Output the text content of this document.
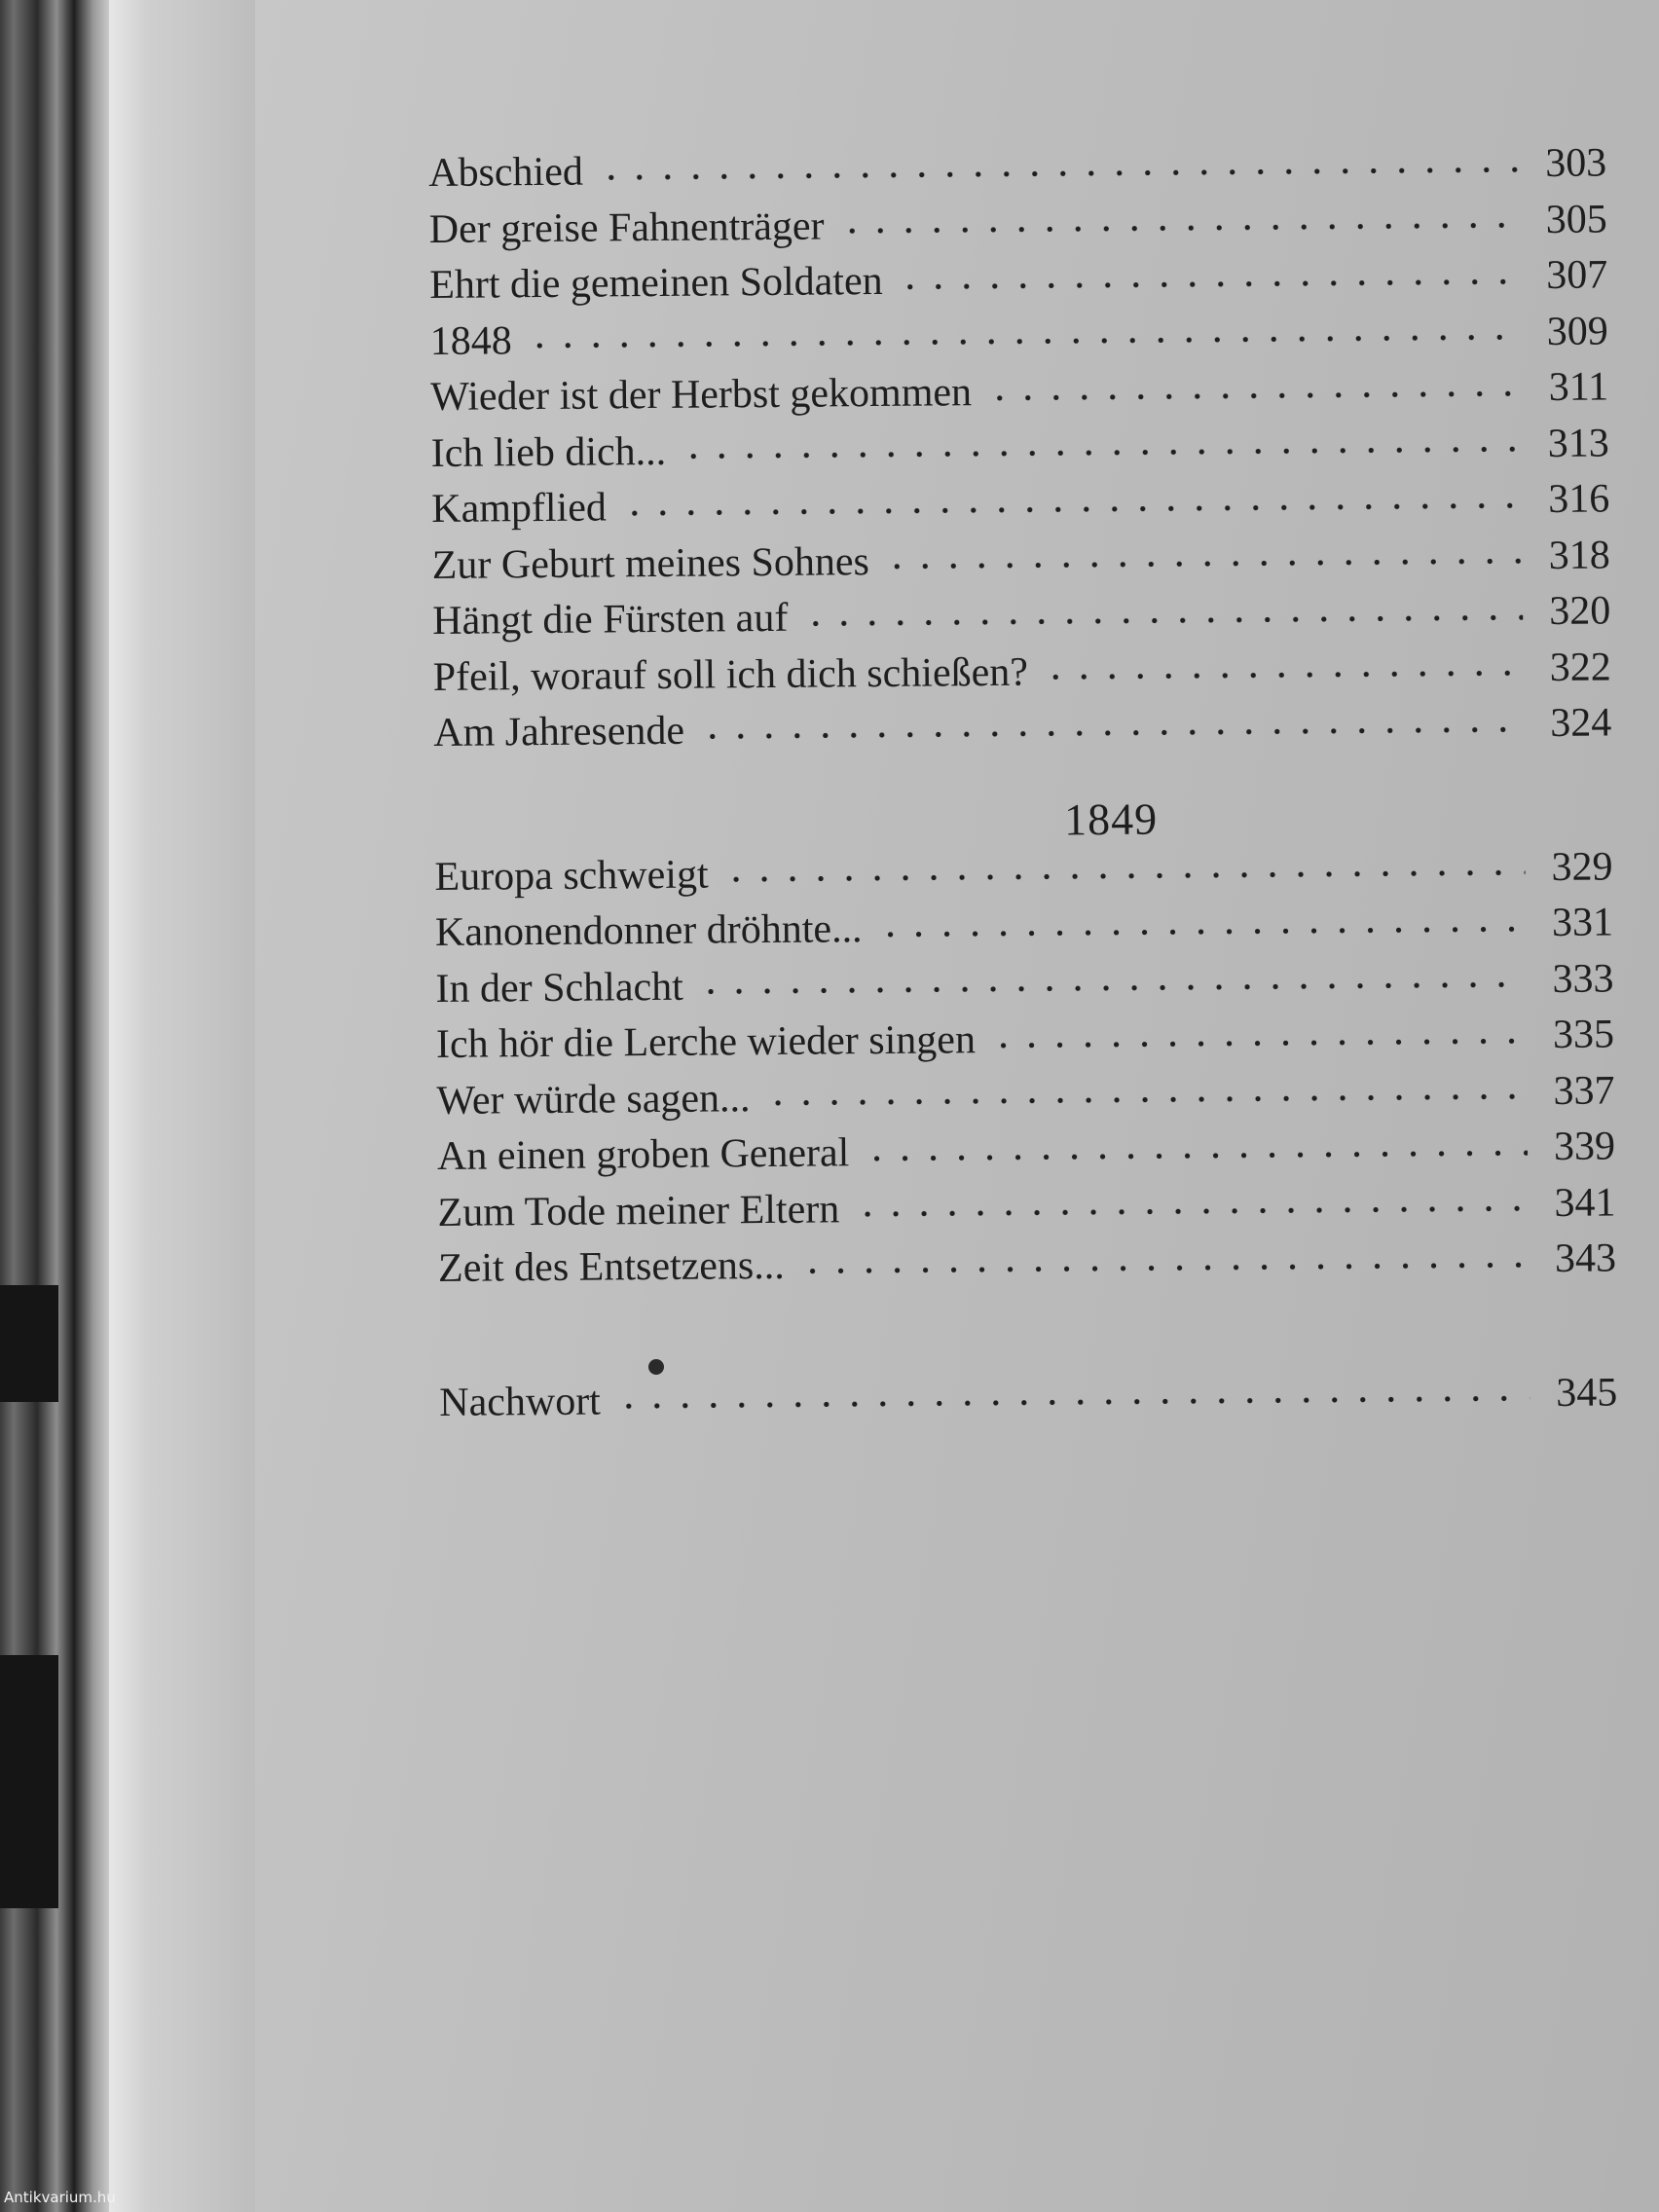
Abschied	303
Der greise Fahnenträger	305
Ehrt die gemeinen Soldaten	307
1848	309
Wieder ist der Herbst gekommen	311
Ich lieb dich...	313
Kampflied	316
Zur Geburt meines Sohnes	318
Hängt die Fürsten auf	320
Pfeil, worauf soll ich dich schießen?	322
Am Jahresende	324
1849
Europa schweigt	329
Kanonendonner dröhnte...	331
In der Schlacht	333
Ich hör die Lerche wieder singen	335
Wer würde sagen...	337
An einen groben General	339
Zum Tode meiner Eltern	341
Zeit des Entsetzens...	343
Nachwort	345
Antikvarium.hu
